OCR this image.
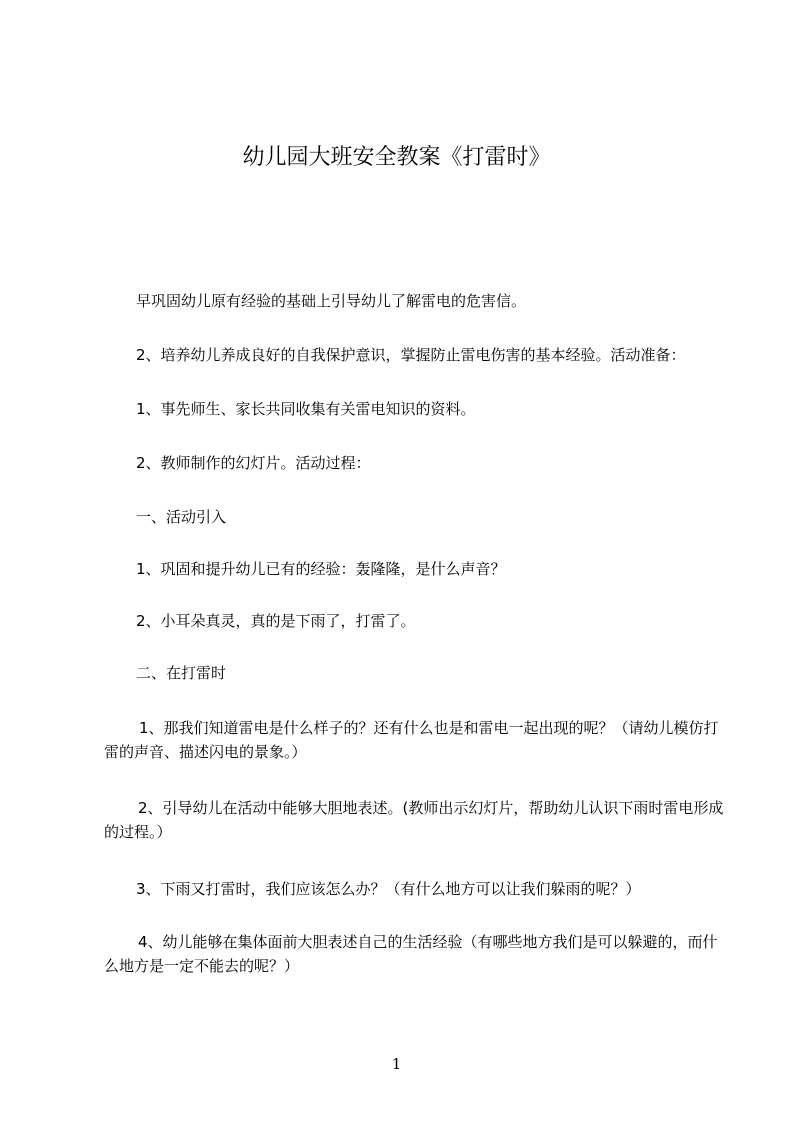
幼儿园大班安全教案《打雷时》

早巩固幼儿原有经验的基础上引导幼儿了解雷电的危害信。

2、培养幼儿养成良好的自我保护意识，掌握防止雷电伤害的基本经验。活动准备：

1、事先师生、家长共同收集有关雷电知识的资料。

2、教师制作的幻灯片。活动过程：

一、活动引入

1、巩固和提升幼儿已有的经验：轰隆隆，是什么声音？

2、小耳朵真灵，真的是下雨了，打雷了。

二、在打雷时

1、那我们知道雷电是什么样子的？还有什么也是和雷电一起出现的呢？（请幼儿模仿打雷的声音、描述闪电的景象。）

2、引导幼儿在活动中能够大胆地表述。(教师出示幻灯片，帮助幼儿认识下雨时雷电形成的过程。）

3、下雨又打雷时，我们应该怎么办？（有什么地方可以让我们躲雨的呢？）

4、幼儿能够在集体面前大胆表述自己的生活经验（有哪些地方我们是可以躲避的，而什么地方是一定不能去的呢？）

1
